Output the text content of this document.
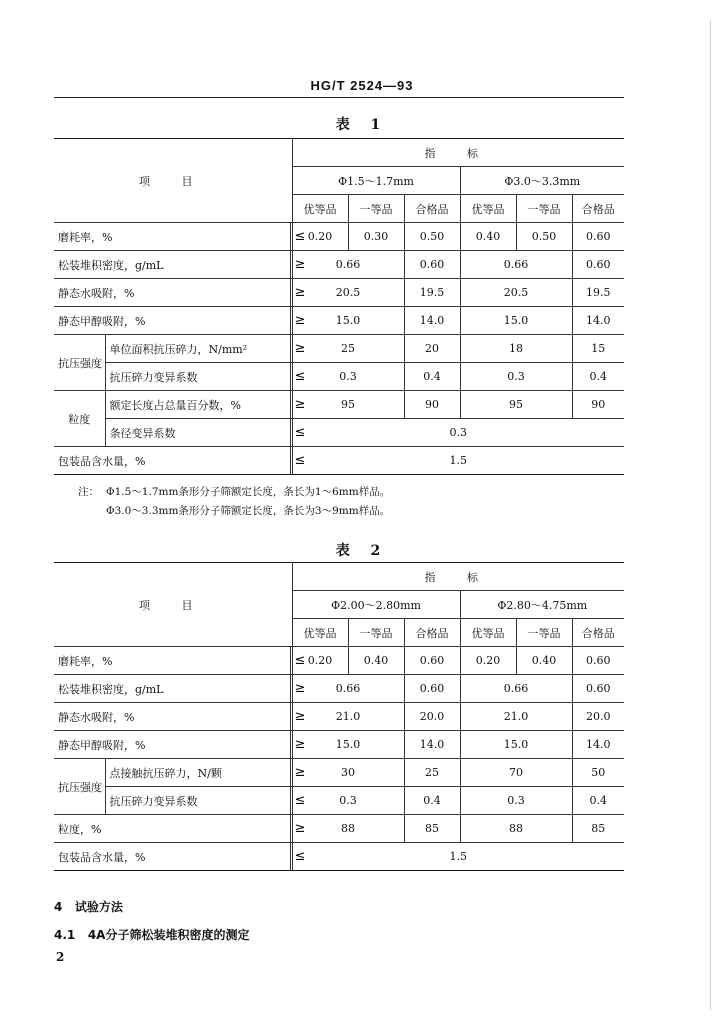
HG/T 2524—93
表 1
项 目			指 标					
			Φ1.5～1.7mm			Φ3.0～3.3mm		
			优等品	一等品	合格品	优等品	一等品	合格品
磨耗率，%		≤	0.20	0.30	0.50	0.40	0.50	0.60
松装堆积密度，g/mL		≥	0.66		0.60	0.66		0.60
静态水吸附，%		≥	20.5		19.5	20.5		19.5
静态甲醇吸附，%		≥	15.0		14.0	15.0		14.0
抗压强度	单位面积抗压碎力，N/mm²	≥	25		20	18		15
	抗压碎力变异系数	≤	0.3		0.4	0.3		0.4
粒度	额定长度占总量百分数，%	≥	95		90	95		90
	条径变异系数	≤	0.3					
包装品含水量，%		≤	1.5					
注： Φ1.5～1.7mm条形分子筛额定长度，条长为1～6mm样品。
Φ3.0～3.3mm条形分子筛额定长度，条长为3～9mm样品。
表 2
项 目			指 标					
			Φ2.00～2.80mm			Φ2.80～4.75mm		
			优等品	一等品	合格品	优等品	一等品	合格品
磨耗率，%		≤	0.20	0.40	0.60	0.20	0.40	0.60
松装堆积密度，g/mL		≥	0.66		0.60	0.66		0.60
静态水吸附，%		≥	21.0		20.0	21.0		20.0
静态甲醇吸附，%		≥	15.0		14.0	15.0		14.0
抗压强度	点接触抗压碎力，N/颗	≥	30		25	70		50
	抗压碎力变异系数	≤	0.3		0.4	0.3		0.4
粒度，%		≥	88		85	88		85
包装品含水量，%		≤	1.5					
4 试验方法
4.1 4A分子筛松装堆积密度的测定
2
